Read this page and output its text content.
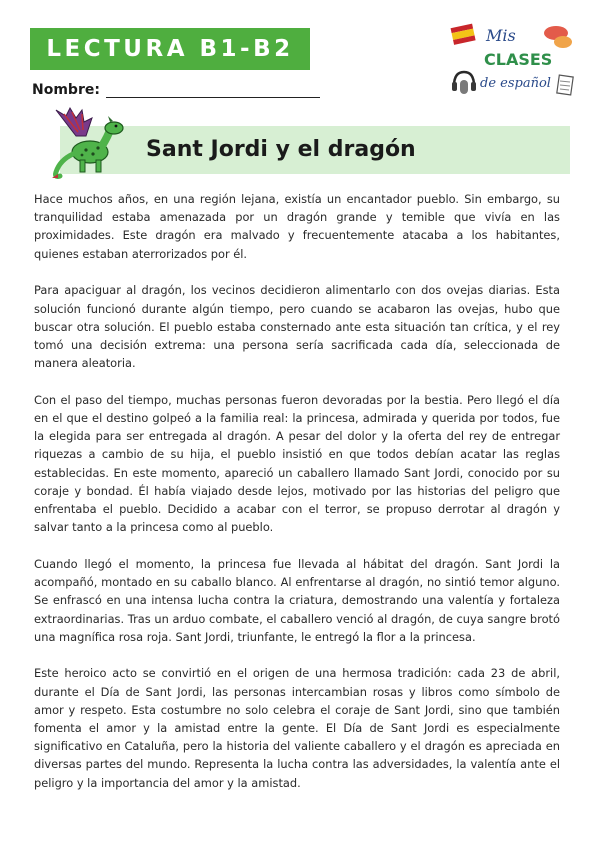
LECTURA B1-B2
Nombre:
Mis
CLASES
de español
Sant Jordi y el dragón

Hace muchos años, en una región lejana, existía un encantador pueblo. Sin embargo, su tranquilidad estaba amenazada por un dragón grande y temible que vivía en las proximidades. Este dragón era malvado y frecuentemente atacaba a los habitantes, quienes estaban aterrorizados por él.

Para apaciguar al dragón, los vecinos decidieron alimentarlo con dos ovejas diarias. Esta solución funcionó durante algún tiempo, pero cuando se acabaron las ovejas, hubo que buscar otra solución. El pueblo estaba consternado ante esta situación tan crítica, y el rey tomó una decisión extrema: una persona sería sacrificada cada día, seleccionada de manera aleatoria.

Con el paso del tiempo, muchas personas fueron devoradas por la bestia. Pero llegó el día en el que el destino golpeó a la familia real: la princesa, admirada y querida por todos, fue la elegida para ser entregada al dragón. A pesar del dolor y la oferta del rey de entregar riquezas a cambio de su hija, el pueblo insistió en que todos debían acatar las reglas establecidas. En este momento, apareció un caballero llamado Sant Jordi, conocido por su coraje y bondad. Él había viajado desde lejos, motivado por las historias del peligro que enfrentaba el pueblo. Decidido a acabar con el terror, se propuso derrotar al dragón y salvar tanto a la princesa como al pueblo.

Cuando llegó el momento, la princesa fue llevada al hábitat del dragón. Sant Jordi la acompañó, montado en su caballo blanco. Al enfrentarse al dragón, no sintió temor alguno. Se enfrascó en una intensa lucha contra la criatura, demostrando una valentía y fortaleza extraordinarias. Tras un arduo combate, el caballero venció al dragón, de cuya sangre brotó una magnífica rosa roja. Sant Jordi, triunfante, le entregó la flor a la princesa.

Este heroico acto se convirtió en el origen de una hermosa tradición: cada 23 de abril, durante el Día de Sant Jordi, las personas intercambian rosas y libros como símbolo de amor y respeto. Esta costumbre no solo celebra el coraje de Sant Jordi, sino que también fomenta el amor y la amistad entre la gente. El Día de Sant Jordi es especialmente significativo en Cataluña, pero la historia del valiente caballero y el dragón es apreciada en diversas partes del mundo. Representa la lucha contra las adversidades, la valentía ante el peligro y la importancia del amor y la amistad.
